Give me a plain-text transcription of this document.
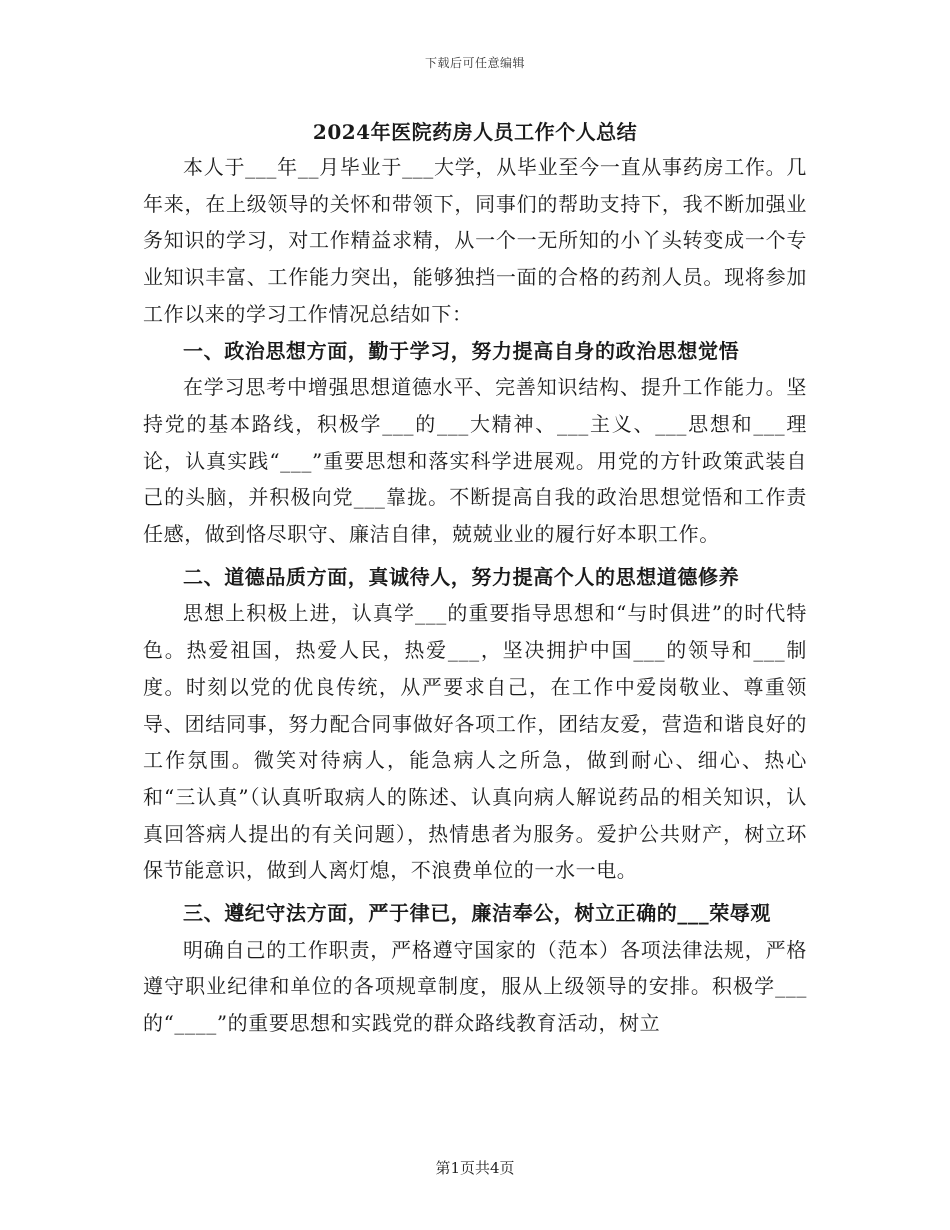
下载后可任意编辑
2024年医院药房人员工作个人总结

本人于___年__月毕业于___大学，从毕业至今一直从事药房工作。几年来，在上级领导的关怀和带领下，同事们的帮助支持下，我不断加强业务知识的学习，对工作精益求精，从一个一无所知的小丫头转变成一个专业知识丰富、工作能力突出，能够独挡一面的合格的药剂人员。现将参加工作以来的学习工作情况总结如下：

一、政治思想方面，勤于学习，努力提高自身的政治思想觉悟

在学习思考中增强思想道德水平、完善知识结构、提升工作能力。坚持党的基本路线，积极学___的___大精神、___主义、___思想和___理论，认真实践“___”重要思想和落实科学进展观。用党的方针政策武装自己的头脑，并积极向党___靠拢。不断提高自我的政治思想觉悟和工作责任感，做到恪尽职守、廉洁自律，兢兢业业的履行好本职工作。

二、道德品质方面，真诚待人，努力提高个人的思想道德修养

思想上积极上进，认真学___的重要指导思想和“与时俱进”的时代特色。热爱祖国，热爱人民，热爱___，坚决拥护中国___的领导和___制度。时刻以党的优良传统，从严要求自己，在工作中爱岗敬业、尊重领导、团结同事，努力配合同事做好各项工作，团结友爱，营造和谐良好的工作氛围。微笑对待病人，能急病人之所急，做到耐心、细心、热心和“三认真”（认真听取病人的陈述、认真向病人解说药品的相关知识，认真回答病人提出的有关问题），热情患者为服务。爱护公共财产，树立环保节能意识，做到人离灯熄，不浪费单位的一水一电。

三、遵纪守法方面，严于律已，廉洁奉公，树立正确的___荣辱观

明确自己的工作职责，严格遵守国家的（范本）各项法律法规，严格遵守职业纪律和单位的各项规章制度，服从上级领导的安排。积极学___的“____”的重要思想和实践党的群众路线教育活动，树立

第1页共4页
